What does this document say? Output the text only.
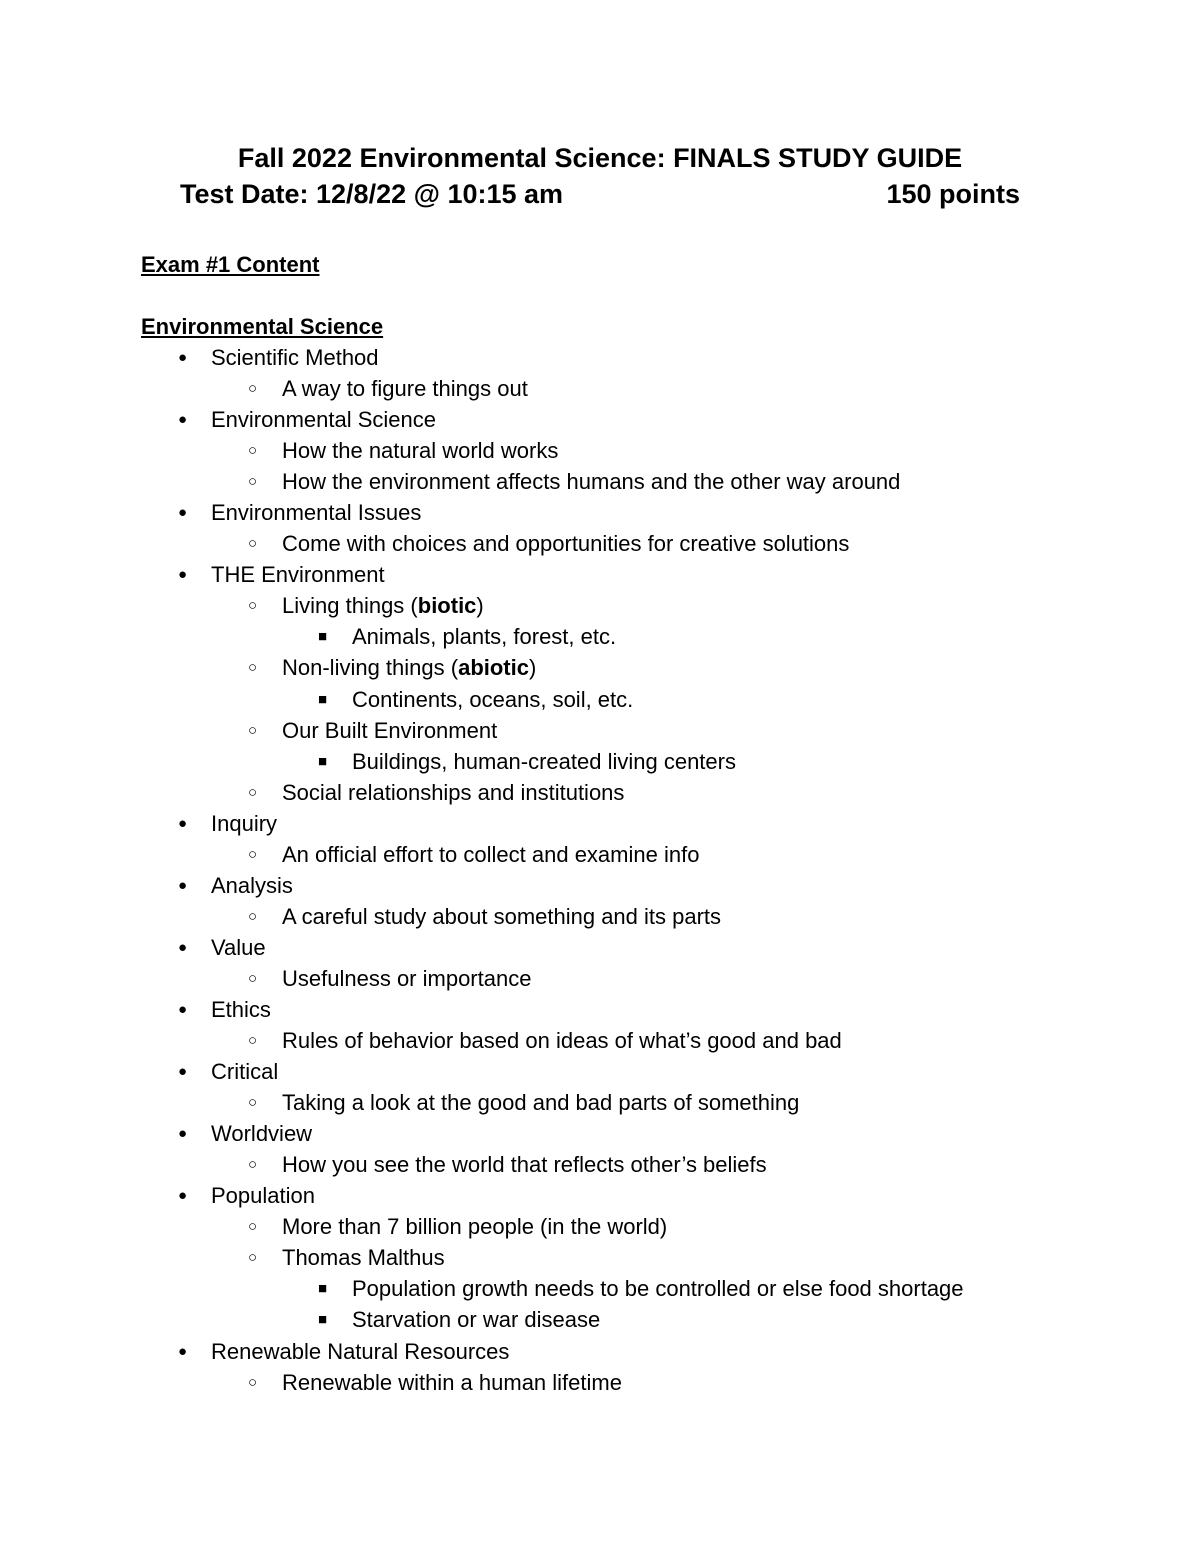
Fall 2022 Environmental Science: FINALS STUDY GUIDE
Test Date: 12/8/22 @ 10:15 am	150 points
Exam #1 Content
Environmental Science
● Scientific Method
○ A way to figure things out
● Environmental Science
○ How the natural world works
○ How the environment affects humans and the other way around
● Environmental Issues
○ Come with choices and opportunities for creative solutions
● THE Environment
○ Living things (biotic)
■ Animals, plants, forest, etc.
○ Non-living things (abiotic)
■ Continents, oceans, soil, etc.
○ Our Built Environment
■ Buildings, human-created living centers
○ Social relationships and institutions
● Inquiry
○ An official effort to collect and examine info
● Analysis
○ A careful study about something and its parts
● Value
○ Usefulness or importance
● Ethics
○ Rules of behavior based on ideas of what’s good and bad
● Critical
○ Taking a look at the good and bad parts of something
● Worldview
○ How you see the world that reflects other’s beliefs
● Population
○ More than 7 billion people (in the world)
○ Thomas Malthus
■ Population growth needs to be controlled or else food shortage
■ Starvation or war disease
● Renewable Natural Resources
○ Renewable within a human lifetime
